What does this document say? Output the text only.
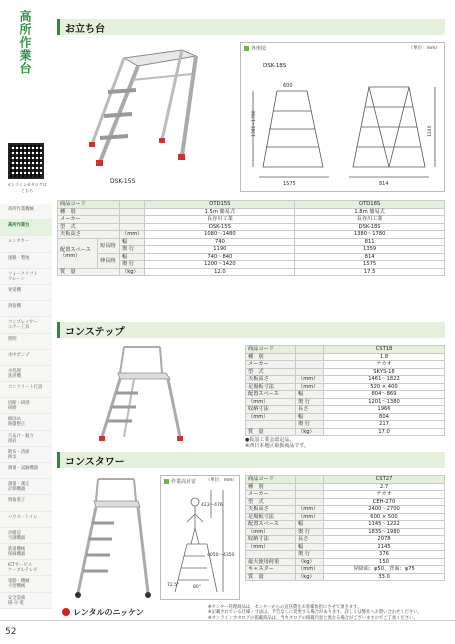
高所作業台
オンラインカタログは
こちら
高所作業機械
高所作業台
レンタカー
運搬・整地
フォークリフト
クレーン
発電機
溶接機
コンプレッサー
エアー工具
照明
水中ポンプ
水処理
洗浄機
コンクリート打設
切断・研削
研磨
締固め
路盤整正
穴あけ・掘り
削岩
散布・清掃
換気
測量・試験機器
測量・測定
計測機器
情報電子
ハウス・トイレ
冷暖房
空調機器
鉄道機械
保線機器
ICTサービス
ケーブルテレビ
電動・機械
小型機械
安全設備
揚·分·電
お立ち台
DSK-15S
外形図	（単位：mm）
DSK-18S
1575	814
600
1380~1780	1240
商品コード			OTD15S	OTD18S
種　別			1.5m 簡易式	1.8m 簡易式
メーカー			長谷川工業	長谷川工業
型　式			DSK-15S	DSK-18S
天板高さ		（mm）	1080～1480	1380～1780
配置スペース
（mm）	短長時	幅	740	811
		奥 行	1190	1359
	伸長時	幅	740～840	814
		奥 行	1200～1420	1575
質　量		（kg）	12.0	17.5
コンステップ
商品コード		CST18
種　別		1.8
メーカー		ナカオ
型　式		SKYS-18
天板高さ	（mm）	1461～1822
足場板寸法	（mm）	520 × 400
配置スペース	幅	804～869
（mm）	奥 行	1201～1380
収納寸法	長さ	1966
（mm）	幅	804
	奥 行	217
質　量	（kg）	17.0
●仮設工業会認定品。
※西日本地区取扱商品です。
コンスタワー
作業高目安 （単位：mm）
423～476
4050～4350
72.5°	80°
商品コード		CST27
種　別		2.7
メーカー		ナカオ
型　式		CEH-270
天板高さ	（mm）	2400～2700
足場板寸法	（mm）	600 × 500
配置スペース	幅	1145～1222
（mm）	奥 行	1835～1980
収納寸法	長さ	2078
（mm）	幅	1145
	奥 行	376
最大使用荷重	（kg）	150
キャスター	（mm）	昇降面：φ50、背面：φ75
質　量	（kg）	33.0
レンタルのニッケン
※センター管理商品は、センターからの直送費をお客様負担にさせて頂きます。
※記載されている仕様・寸法は、予告なしに変更する場合があります。詳しくは弊社へお問い合わせください。
※オンラインカタログの掲載商品は、当カタログの掲載内容と異なる場合がございますのでご了承ください。
52
